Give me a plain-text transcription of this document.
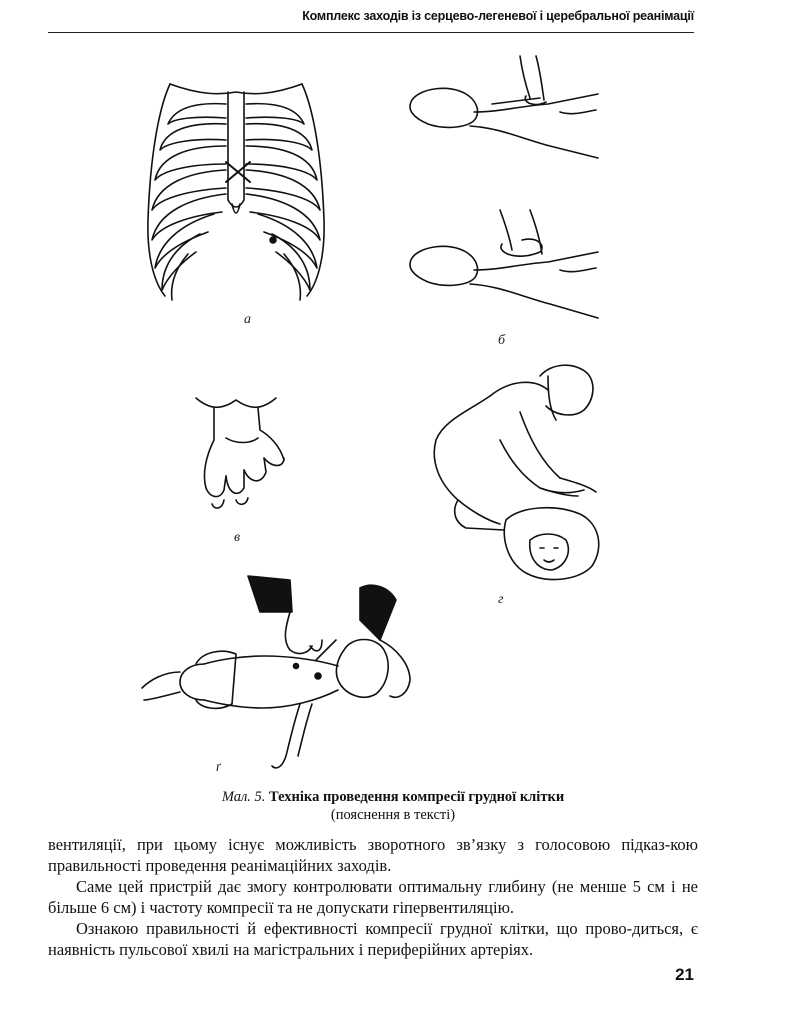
Комплекс заходів із серцево-легеневої і церебральної реанімації
а
б
в
г
ґ
Мал. 5. Техніка проведення компресії грудної клітки
(пояснення в тексті)

вентиляції, при цьому існує можливість зворотного зв’язку з голосовою підказ-кою правильності проведення реанімаційних заходів.

Саме цей пристрій дає змогу контролювати оптимальну глибину (не менше 5 см і не більше 6 см) і частоту компресії та не допускати гіпервентиляцію.

Ознакою правильності й ефективності компресії грудної клітки, що прово-диться, є наявність пульсової хвилі на магістральних і периферійних артеріях.

21
